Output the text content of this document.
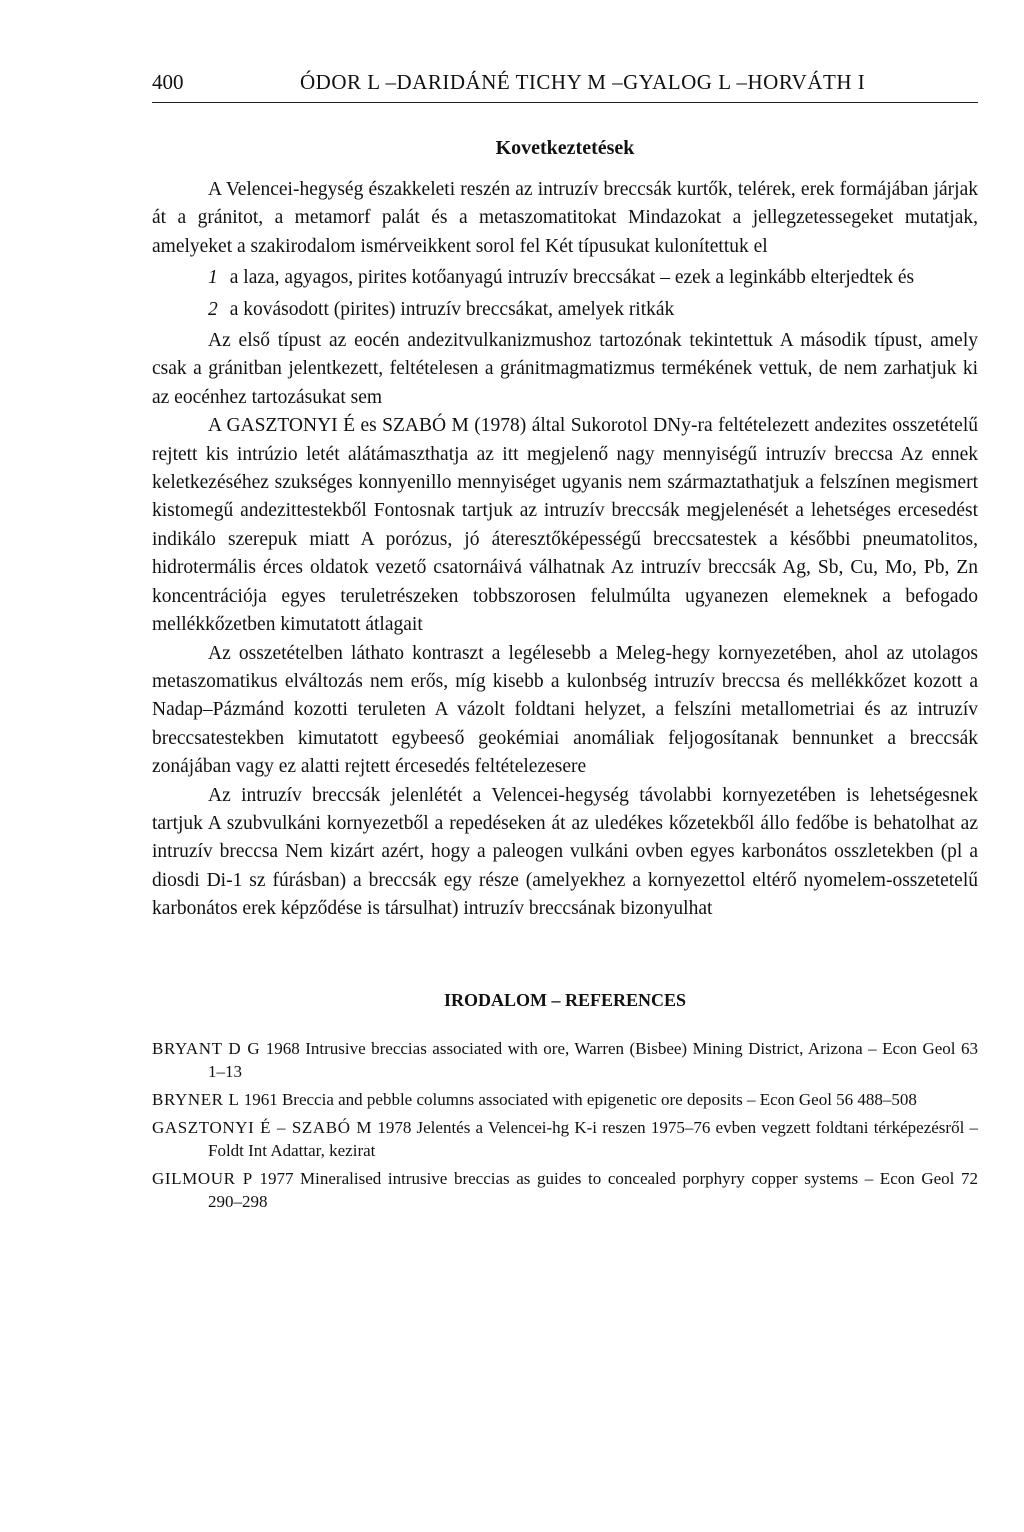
400	ÓDOR L –DARIDÁNÉ TICHY M –GYALOG L –HORVÁTH I
Kovetkeztetések

A Velencei-hegység északkeleti reszén az intruzív breccsák kurtők, telérek, erek formájában járjak át a gránitot, a metamorf palát és a metaszomatitokat Mindazokat a jellegzetessegeket mutatjak, amelyeket a szakirodalom ismérveikkent sorol fel Két típusukat kulonítettuk el

1 a laza, agyagos, pirites kotőanyagú intruzív breccsákat – ezek a leginkább elterjedtek és

2 a kovásodott (pirites) intruzív breccsákat, amelyek ritkák

Az első típust az eocén andezitvulkanizmushoz tartozónak tekintettuk A második típust, amely csak a gránitban jelentkezett, feltételesen a gránitmagmatizmus termékének vettuk, de nem zarhatjuk ki az eocénhez tartozásukat sem

A GASZTONYI É es SZABÓ M (1978) által Sukorotol DNy-ra feltételezett andezites osszetételű rejtett kis intrúzio letét alátámaszthatja az itt megjelenő nagy mennyiségű intruzív breccsa Az ennek keletkezéséhez szukséges konnyenillo mennyiséget ugyanis nem származtathatjuk a felszínen megismert kistomegű andezittestekből Fontosnak tartjuk az intruzív breccsák megjelenését a lehetséges ercesedést indikálo szerepuk miatt A porózus, jó áteresztőképességű breccsatestek a későbbi pneumatolitos, hidrotermális érces oldatok vezető csatornáivá válhatnak Az intruzív breccsák Ag, Sb, Cu, Mo, Pb, Zn koncentrációja egyes teruletrészeken tobbszorosen felulmúlta ugyanezen elemeknek a befogado mellékkőzetben kimutatott átlagait

Az osszetételben láthato kontraszt a legélesebb a Meleg-hegy kornyezetében, ahol az utolagos metaszomatikus elváltozás nem erős, míg kisebb a kulonbség intruzív breccsa és mellékkőzet kozott a Nadap–Pázmánd kozotti teruleten A vázolt foldtani helyzet, a felszíni metallometriai és az intruzív breccsatestekben kimutatott egybeeső geokémiai anomáliak feljogosítanak bennunket a breccsák zonájában vagy ez alatti rejtett ércesedés feltételezesere

Az intruzív breccsák jelenlétét a Velencei-hegység távolabbi kornyezetében is lehetségesnek tartjuk A szubvulkáni kornyezetből a repedéseken át az uledékes kőzetekből állo fedőbe is behatolhat az intruzív breccsa Nem kizárt azért, hogy a paleogen vulkáni ovben egyes karbonátos osszletekben (pl a diosdi Di-1 sz fúrásban) a breccsák egy része (amelyekhez a kornyezettol eltérő nyomelem-osszetetelű karbonátos erek képződése is társulhat) intruzív breccsának bizonyulhat

IRODALOM – REFERENCES
BRYANT D G 1968 Intrusive breccias associated with ore, Warren (Bisbee) Mining District, Arizona – Econ Geol 63 1–13
BRYNER L 1961 Breccia and pebble columns associated with epigenetic ore deposits – Econ Geol 56 488–508
GASZTONYI É – SZABÓ M 1978 Jelentés a Velencei-hg K-i reszen 1975–76 evben vegzett foldtani térképezésről – Foldt Int Adattar, kezirat
GILMOUR P 1977 Mineralised intrusive breccias as guides to concealed porphyry copper systems – Econ Geol 72 290–298
